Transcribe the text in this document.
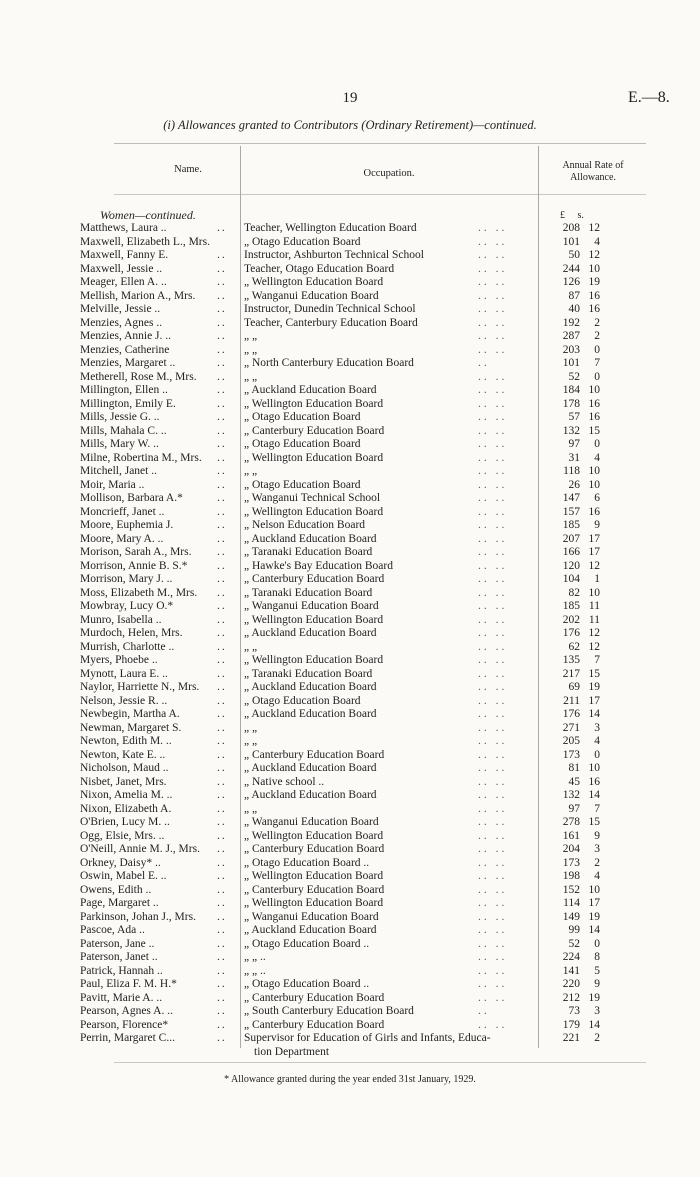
19	E.—8.
(i) Allowances granted to Contributors (Ordinary Retirement)—continued.
Name.	Occupation.
Annual Rate of Allowance.
Women—continued.	£ s.
Matthews, Laura ..	.. Teacher, Wellington Education Board	.. ..	208 12
Maxwell, Elizabeth L., Mrs.	„ Otago Education Board	.. ..	101	4
Maxwell, Fanny E.	.. Instructor, Ashburton Technical School	.. ..	50 12
Maxwell, Jessie ..	.. Teacher, Otago Education Board	.. ..	244 10
Meager, Ellen A. ..	.. „ Wellington Education Board	.. ..	126 19
Mellish, Marion A., Mrs. .. „ Wanganui Education Board	.. ..	87 16
Melville, Jessie ..	.. Instructor, Dunedin Technical School	.. ..	40 16
Menzies, Agnes ..	.. Teacher, Canterbury Education Board	.. ..	192	2
Menzies, Annie J. ..	.. „ „	.. ..	287	2
Menzies, Catherine	.. „ „	.. ..	203	0
Menzies, Margaret ..	.. „ North Canterbury Education Board	..	101	7
Metherell, Rose M., Mrs. .. „ „	.. ..	52	0
Millington, Ellen ..	.. „ Auckland Education Board	.. ..	184 10
Millington, Emily E.	.. „ Wellington Education Board	.. ..	178 16
Mills, Jessie G. ..	.. „ Otago Education Board	.. ..	57 16
Mills, Mahala C. ..	.. „ Canterbury Education Board	.. ..	132 15
Mills, Mary W. ..	.. „ Otago Education Board	.. ..	97	0
Milne, Robertina M., Mrs. .. „ Wellington Education Board	.. ..	31	4
Mitchell, Janet ..	.. „ „	.. ..	118 10
Moir, Maria ..	.. „ Otago Education Board	.. ..	26 10
Mollison, Barbara A.*	.. „ Wanganui Technical School	.. ..	147	6
Moncrieff, Janet ..	.. „ Wellington Education Board	.. ..	157 16
Moore, Euphemia J.	.. „ Nelson Education Board	.. ..	185	9
Moore, Mary A. ..	.. „ Auckland Education Board	.. ..	207 17
Morison, Sarah A., Mrs. .. „ Taranaki Education Board	.. ..	166 17
Morrison, Annie B. S.*	.. „ Hawke's Bay Education Board	.. ..	120 12
Morrison, Mary J. ..	.. „ Canterbury Education Board	.. ..	104	1
Moss, Elizabeth M., Mrs. .. „ Taranaki Education Board	.. ..	82 10
Mowbray, Lucy O.*	.. „ Wanganui Education Board	.. ..	185 11
Munro, Isabella ..	.. „ Wellington Education Board	.. ..	202 11
Murdoch, Helen, Mrs.	.. „ Auckland Education Board	.. ..	176 12
Murrish, Charlotte ..	.. „ „	.. ..	62 12
Myers, Phoebe ..	.. „ Wellington Education Board	.. ..	135	7
Mynott, Laura E. ..	.. „ Taranaki Education Board	.. ..	217 15
Naylor, Harriette N., Mrs. .. „ Auckland Education Board	.. ..	69 19
Nelson, Jessie R. ..	.. „ Otago Education Board	.. ..	211 17
Newbegin, Martha A.	.. „ Auckland Education Board	.. ..	176 14
Newman, Margaret S.	.. „ „	.. ..	271	3
Newton, Edith M. ..	.. „ „	.. ..	205	4
Newton, Kate E. ..	.. „ Canterbury Education Board	.. ..	173	0
Nicholson, Maud ..	.. „ Auckland Education Board	.. ..	81 10
Nisbet, Janet, Mrs.	.. „ Native school ..	.. ..	45 16
Nixon, Amelia M. ..	.. „ Auckland Education Board	.. ..	132 14
Nixon, Elizabeth A.	.. „ „	.. ..	97	7
O'Brien, Lucy M. ..	.. „ Wanganui Education Board	.. ..	278 15
Ogg, Elsie, Mrs. ..	.. „ Wellington Education Board	.. ..	161	9
O'Neill, Annie M. J., Mrs. .. „ Canterbury Education Board	.. ..	204	3
Orkney, Daisy* ..	.. „ Otago Education Board ..	.. ..	173	2
Oswin, Mabel E. ..	.. „ Wellington Education Board	.. ..	198	4
Owens, Edith ..	.. „ Canterbury Education Board	.. ..	152 10
Page, Margaret ..	.. „ Wellington Education Board	.. ..	114 17
Parkinson, Johan J., Mrs. .. „ Wanganui Education Board	.. ..	149 19
Pascoe, Ada ..	.. „ Auckland Education Board	.. ..	99 14
Paterson, Jane ..	.. „ Otago Education Board ..	.. ..	52	0
Paterson, Janet ..	.. „ „ ..	.. ..	224	8
Patrick, Hannah ..	.. „ „ ..	.. ..	141	5
Paul, Eliza F. M. H.*	.. „ Otago Education Board ..	.. ..	220	9
Pavitt, Marie A. ..	.. „ Canterbury Education Board	.. ..	212 19
Pearson, Agnes A. ..	.. „ South Canterbury Education Board	..	73	3
Pearson, Florence*	.. „ Canterbury Education Board	.. ..	179 14
Perrin, Margaret C...	.. Supervisor for Education of Girls and Infants, Educa-	221	2
tion Department
* Allowance granted during the year ended 31st January, 1929.
